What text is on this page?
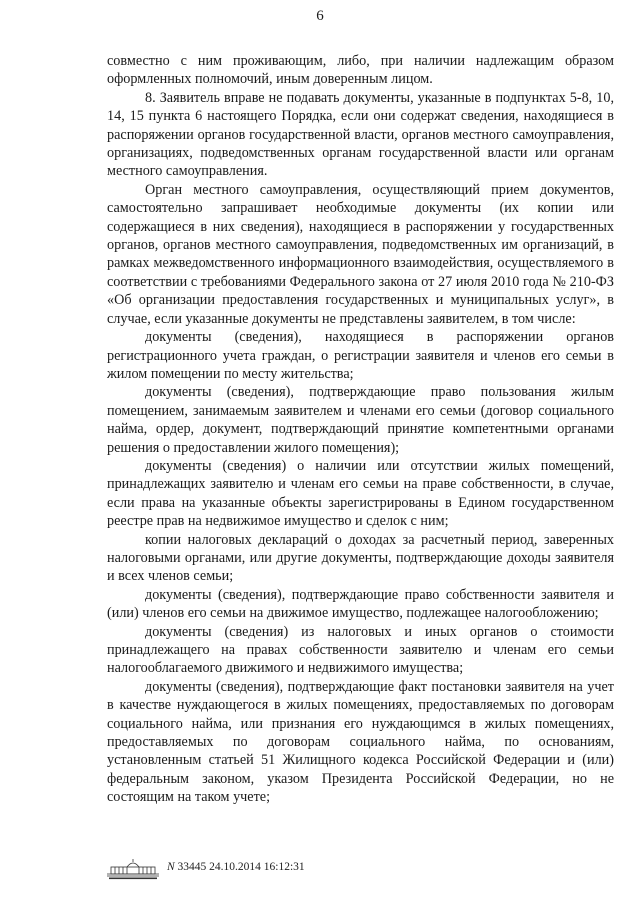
6

совместно с ним проживающим, либо, при наличии надлежащим образом оформленных полномочий, иным доверенным лицом.

8. Заявитель вправе не подавать документы, указанные в подпунктах 5-8, 10, 14, 15 пункта 6 настоящего Порядка, если они содержат сведения, находящиеся в распоряжении органов государственной власти, органов местного самоуправления, организациях, подведомственных органам государственной власти или органам местного самоуправления.

Орган местного самоуправления, осуществляющий прием документов, самостоятельно запрашивает необходимые документы (их копии или содержащиеся в них сведения), находящиеся в распоряжении у государственных органов, органов местного самоуправления, подведомственных им организаций, в рамках межведомственного информационного взаимодействия, осуществляемого в соответствии с требованиями Федерального закона от 27 июля 2010 года № 210-ФЗ «Об организации предоставления государственных и муниципальных услуг», в случае, если указанные документы не представлены заявителем, в том числе:

документы (сведения), находящиеся в распоряжении органов регистрационного учета граждан, о регистрации заявителя и членов его семьи в жилом помещении по месту жительства;

документы (сведения), подтверждающие право пользования жилым помещением, занимаемым заявителем и членами его семьи (договор социального найма, ордер, документ, подтверждающий принятие компетентными органами решения о предоставлении жилого помещения);

документы (сведения) о наличии или отсутствии жилых помещений, принадлежащих заявителю и членам его семьи на праве собственности, в случае, если права на указанные объекты зарегистрированы в Едином государственном реестре прав на недвижимое имущество и сделок с ним;

копии налоговых деклараций о доходах за расчетный период, заверенных налоговыми органами, или другие документы, подтверждающие доходы заявителя и всех членов семьи;

документы (сведения), подтверждающие право собственности заявителя и (или) членов его семьи на движимое имущество, подлежащее налогообложению;

документы (сведения) из налоговых и иных органов о стоимости принадлежащего на правах собственности заявителю и членам его семьи налогооблагаемого движимого и недвижимого имущества;

документы (сведения), подтверждающие факт постановки заявителя на учет в качестве нуждающегося в жилых помещениях, предоставляемых по договорам социального найма, или признания его нуждающимся в жилых помещениях, предоставляемых по договорам социального найма, по основаниям, установленным статьей 51 Жилищного кодекса Российской Федерации и (или) федеральным законом, указом Президента Российской Федерации, но не состоящим на таком учете;

N 33445 24.10.2014 16:12:31
